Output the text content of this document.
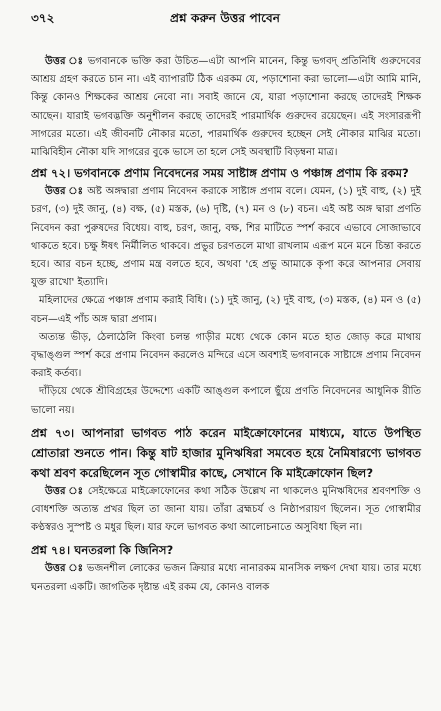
৩৭২	প্রশ্ন করুন উত্তর পাবেন

উত্তর ঃ ভগবানকে ভক্তি করা উচিত—এটা আপনি মানেন, কিন্তু ভগবদ্ প্রতিনিধি গুরুদেবের আশ্রয় গ্রহণ করতে চান না। এই ব্যাপারটি ঠিক এরকম যে, পড়াশোনা করা ভালো—এটা আমি মানি, কিন্তু কোনও শিক্ষকের আশ্রয় নেবো না। সবাই জানে যে, যারা পড়াশোনা করছে তাদেরই শিক্ষক আছেন। যারাই ভগবদ্ভক্তি অনুশীলন করছে তাদেরই পারমার্থিক গুরুদেব রয়েছেন। এই সংসাররূপী সাগরের মতো। এই জীবনটি নৌকার মতো, পারমার্থিক গুরুদেব হচ্ছেন সেই নৌকার মাঝির মতো। মাঝিবিহীন নৌকা যদি সাগরের বুকে ভাসে তা হলে সেই অবস্থাটি বিড়ম্বনা মাত্র।

প্রশ্ন ৭২। ভগবানকে প্রণাম নিবেদনের সময় সাষ্টাঙ্গ প্রণাম ও পঞ্চাঙ্গ প্রণাম কি রকম?

উত্তর ঃ অষ্ট অঙ্গদ্বারা প্রণাম নিবেদন করাকে সাষ্টাঙ্গ প্রণাম বলে। যেমন, (১) দুই বাহু, (২) দুই চরণ, (৩) দুই জানু, (৪) বক্ষ, (৫) মস্তক, (৬) দৃষ্টি, (৭) মন ও (৮) বচন। এই অষ্ট অঙ্গ দ্বারা প্রণতি নিবেদন করা পুরুষদের বিধেয়। বাহু, চরণ, জানু, বক্ষ, শির মাটিতে স্পর্শ করবে এভাবে সোজাভাবে থাকতে হবে। চক্ষু ঈষৎ নির্মীলিত থাকবে। প্রভুর চরণতলে মাথা রাখলাম এরূপ মনে মনে চিন্তা করতে হবে। আর বচন হচ্ছে, প্রণাম মন্ত্র বলতে হবে, অথবা 'হে প্রভু আমাকে কৃপা করে আপনার সেবায় যুক্ত রাখো' ইত্যাদি।

মহিলাদের ক্ষেত্রে পঞ্চাঙ্গ প্রণাম করাই বিধি। (১) দুই জানু, (২) দুই বাহু, (৩) মস্তক, (৪) মন ও (৫) বচন—এই পাঁচ অঙ্গ দ্বারা প্রণাম।

অত্যন্ত ভীড়, ঠেলাঠেলি কিংবা চলন্ত গাড়ীর মধ্যে থেকে কোন মতে হাত জোড় করে মাথায় বৃদ্ধাঙ্গুল স্পর্শ করে প্রণাম নিবেদন করলেও মন্দিরে এসে অবশ্যই ভগবানকে সাষ্টাঙ্গে প্রণাম নিবেদন করাই কর্তব্য।

দাঁড়িয়ে থেকে শ্রীবিগ্রহের উদ্দেশ্যে একটি আঙ্গুল কপালে ছুঁয়ে প্রণতি নিবেদনের আধুনিক রীতি ভালো নয়।

প্রশ্ন ৭৩। আপনারা ভাগবত পাঠ করেন মাইক্রোফোনের মাধ্যমে, যাতে উপস্থিত শ্রোতারা শুনতে পান। কিন্তু ষাট হাজার মুনিঋষিরা সমবেত হয়ে নৈমিষারণ্যে ভাগবত কথা শ্রবণ করেছিলেন সূত গোস্বামীর কাছে, সেখানে কি মাইক্রোফোন ছিল?

উত্তর ঃ সেইক্ষেত্রে মাইক্রোফোনের কথা সঠিক উল্লেখ না থাকলেও মুনিঋষিদের শ্রবণশক্তি ও বোধশক্তি অত্যন্ত প্রখর ছিল তা জানা যায়। তাঁরা ব্রহ্মচর্য ও নিষ্ঠাপরায়ণ ছিলেন। সূত গোস্বামীর কণ্ঠস্বরও সুস্পষ্ট ও মধুর ছিল। যার ফলে ভাগবত কথা আলোচনাতে অসুবিধা ছিল না।

প্রশ্ন ৭৪। ঘনতরলা কি জিনিস?

উত্তর ঃ ভজনশীল লোকের ভজন ক্রিয়ার মধ্যে নানারকম মানসিক লক্ষণ দেখা যায়। তার মধ্যে ঘনতরলা একটি। জাগতিক দৃষ্টান্ত এই রকম যে, কোনও বালক
